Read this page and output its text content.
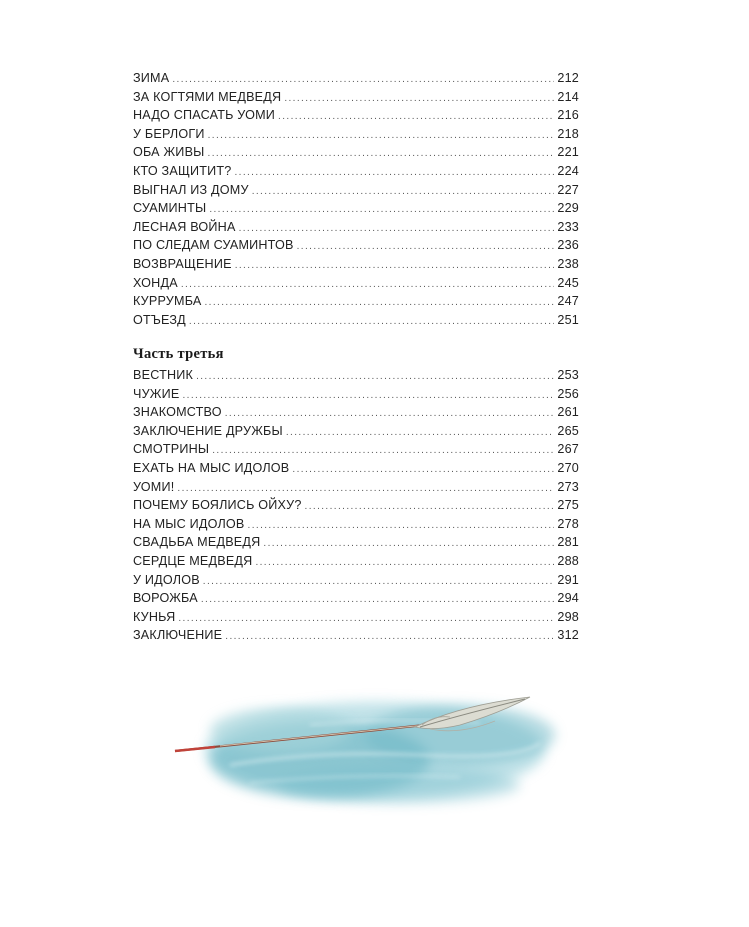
ЗИМА .....	212
ЗА КОГТЯМИ МЕДВЕДЯ .....	214
НАДО СПАСАТЬ УОМИ .....	216
У БЕРЛОГИ .....	218
ОБА ЖИВЫ .....	221
КТО ЗАЩИТИТ? .....	224
ВЫГНАЛ ИЗ ДОМУ .....	227
СУАМИНТЫ .....	229
ЛЕСНАЯ ВОЙНА .....	233
ПО СЛЕДАМ СУАМИНТОВ .....	236
ВОЗВРАЩЕНИЕ .....	238
ХОНДА .....	245
КУРРУМБА .....	247
ОТЪЕЗД .....	251
Часть третья
ВЕСТНИК .....	253
ЧУЖИЕ .....	256
ЗНАКОМСТВО .....	261
ЗАКЛЮЧЕНИЕ ДРУЖБЫ .....	265
СМОТРИНЫ .....	267
ЕХАТЬ НА МЫС ИДОЛОВ .....	270
УОМИ! .....	273
ПОЧЕМУ БОЯЛИСЬ ОЙХУ? .....	275
НА МЫС ИДОЛОВ .....	278
СВАДЬБА МЕДВЕДЯ .....	281
СЕРДЦЕ МЕДВЕДЯ .....	288
У ИДОЛОВ .....	291
ВОРОЖБА .....	294
КУНЬЯ .....	298
ЗАКЛЮЧЕНИЕ .....	312
